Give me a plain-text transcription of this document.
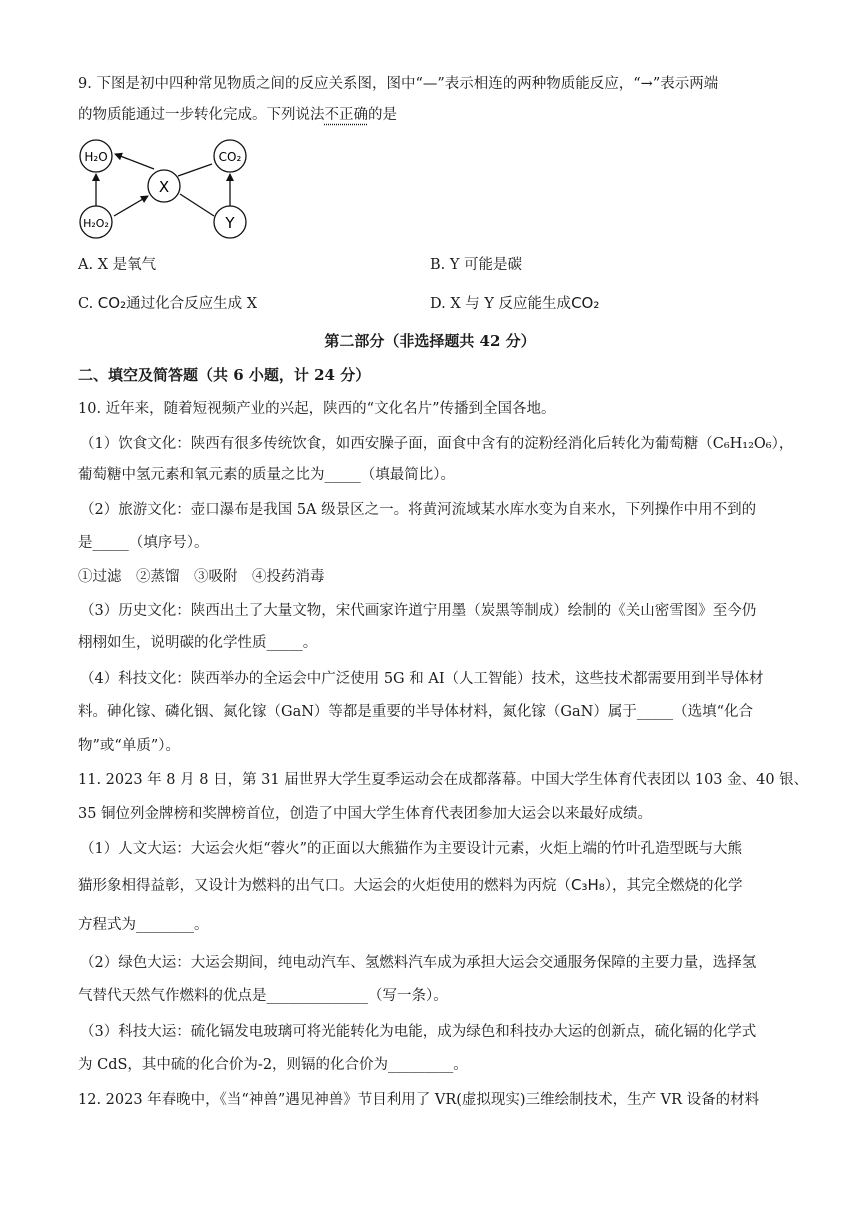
9. 下图是初中四种常见物质之间的反应关系图，图中“—”表示相连的两种物质能反应，“→”表示两端
的物质能通过一步转化完成。下列说法不正确的是
H₂O	CO₂
X
H₂O₂	Y
A. X 是氧气	B. Y 可能是碳
C. CO₂通过化合反应生成 X	D. X 与 Y 反应能生成CO₂
第二部分（非选择题共 42 分）
二、填空及简答题（共 6 小题，计 24 分）
10. 近年来，随着短视频产业的兴起，陕西的“文化名片”传播到全国各地。
（1）饮食文化：陕西有很多传统饮食，如西安臊子面，面食中含有的淀粉经消化后转化为葡萄糖（C₆H₁₂O₆），
葡萄糖中氢元素和氧元素的质量之比为_____（填最简比）。
（2）旅游文化：壶口瀑布是我国 5A 级景区之一。将黄河流域某水库水变为自来水，下列操作中用不到的
是_____（填序号）。
①过滤　②蒸馏　③吸附　④投药消毒
（3）历史文化：陕西出土了大量文物，宋代画家许道宁用墨（炭黑等制成）绘制的《关山密雪图》至今仍
栩栩如生，说明碳的化学性质_____。
（4）科技文化：陕西举办的全运会中广泛使用 5G 和 AI（人工智能）技术，这些技术都需要用到半导体材
料。砷化镓、磷化铟、氮化镓（GaN）等都是重要的半导体材料，氮化镓（GaN）属于_____（选填“化合
物”或“单质”）。
11. 2023 年 8 月 8 日，第 31 届世界大学生夏季运动会在成都落幕。中国大学生体育代表团以 103 金、40 银、
35 铜位列金牌榜和奖牌榜首位，创造了中国大学生体育代表团参加大运会以来最好成绩。
（1）人文大运：大运会火炬“蓉火”的正面以大熊猫作为主要设计元素，火炬上端的竹叶孔造型既与大熊
猫形象相得益彰，又设计为燃料的出气口。大运会的火炬使用的燃料为丙烷（C₃H₈），其完全燃烧的化学
方程式为________。
（2）绿色大运：大运会期间，纯电动汽车、氢燃料汽车成为承担大运会交通服务保障的主要力量，选择氢
气替代天然气作燃料的优点是______________（写一条）。
（3）科技大运：硫化镉发电玻璃可将光能转化为电能，成为绿色和科技办大运的创新点，硫化镉的化学式
为 CdS，其中硫的化合价为-2，则镉的化合价为_________。
12. 2023 年春晚中，《当“神兽”遇见神兽》节目利用了 VR(虚拟现实)三维绘制技术，生产 VR 设备的材料
